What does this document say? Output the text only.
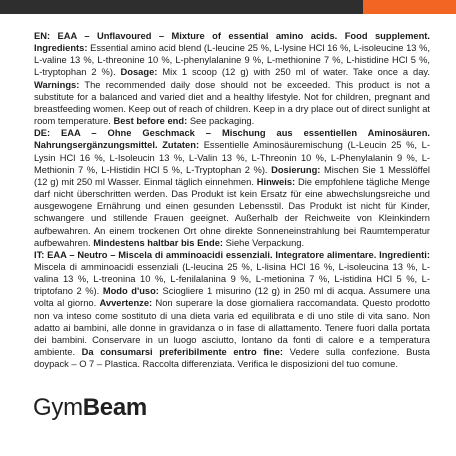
EN: EAA – Unflavoured – Mixture of essential amino acids. Food supplement. Ingredients: Essential amino acid blend (L-leucine 25 %, L-lysine HCl 16 %, L-isoleucine 13 %, L-valine 13 %, L-threonine 10 %, L-phenylalanine 9 %, L-methionine 7 %, L-histidine HCl 5 %, L-tryptophan 2 %). Dosage: Mix 1 scoop (12 g) with 250 ml of water. Take once a day. Warnings: The recommended daily dose should not be exceeded. This product is not a substitute for a balanced and varied diet and a healthy lifestyle. Not for children, pregnant and breastfeeding women. Keep out of reach of children. Keep in a dry place out of direct sunlight at room temperature. Best before end: See packaging.

DE: EAA – Ohne Geschmack – Mischung aus essentiellen Aminosäuren. Nahrungsergänzungsmittel. Zutaten: Essentielle Aminosäuremischung (L-Leucin 25 %, L-Lysin HCl 16 %, L-Isoleucin 13 %, L-Valin 13 %, L-Threonin 10 %, L-Phenylalanin 9 %, L-Methionin 7 %, L-Histidin HCl 5 %, L-Tryptophan 2 %). Dosierung: Mischen Sie 1 Messlöffel (12 g) mit 250 ml Wasser. Einmal täglich einnehmen. Hinweis: Die empfohlene tägliche Menge darf nicht überschritten werden. Das Produkt ist kein Ersatz für eine abwechslungsreiche und ausgewogene Ernährung und einen gesunden Lebensstil. Das Produkt ist nicht für Kinder, schwangere und stillende Frauen geeignet. Außerhalb der Reichweite von Kleinkindern aufbewahren. An einem trockenen Ort ohne direkte Sonneneinstrahlung bei Raumtemperatur aufbewahren. Mindestens haltbar bis Ende: Siehe Verpackung.

IT: EAA – Neutro – Miscela di amminoacidi essenziali. Integratore alimentare. Ingredienti: Miscela di amminoacidi essenziali (L-leucina 25 %, L-lisina HCl 16 %, L-isoleucina 13 %, L-valina 13 %, L-treonina 10 %, L-fenilalanina 9 %, L-metionina 7 %, L-istidina HCl 5 %, L-triptofano 2 %). Modo d'uso: Sciogliere 1 misurino (12 g) in 250 ml di acqua. Assumere una volta al giorno. Avvertenze: Non superare la dose giornaliera raccomandata. Questo prodotto non va inteso come sostituto di una dieta varia ed equilibrata e di uno stile di vita sano. Non adatto ai bambini, alle donne in gravidanza o in fase di allattamento. Tenere fuori dalla portata dei bambini. Conservare in un luogo asciutto, lontano da fonti di calore e a temperatura ambiente. Da consumarsi preferibilmente entro fine: Vedere sulla confezione. Busta doypack – O 7 – Plastica. Raccolta differenziata. Verifica le disposizioni del tuo comune.

GymBeam
